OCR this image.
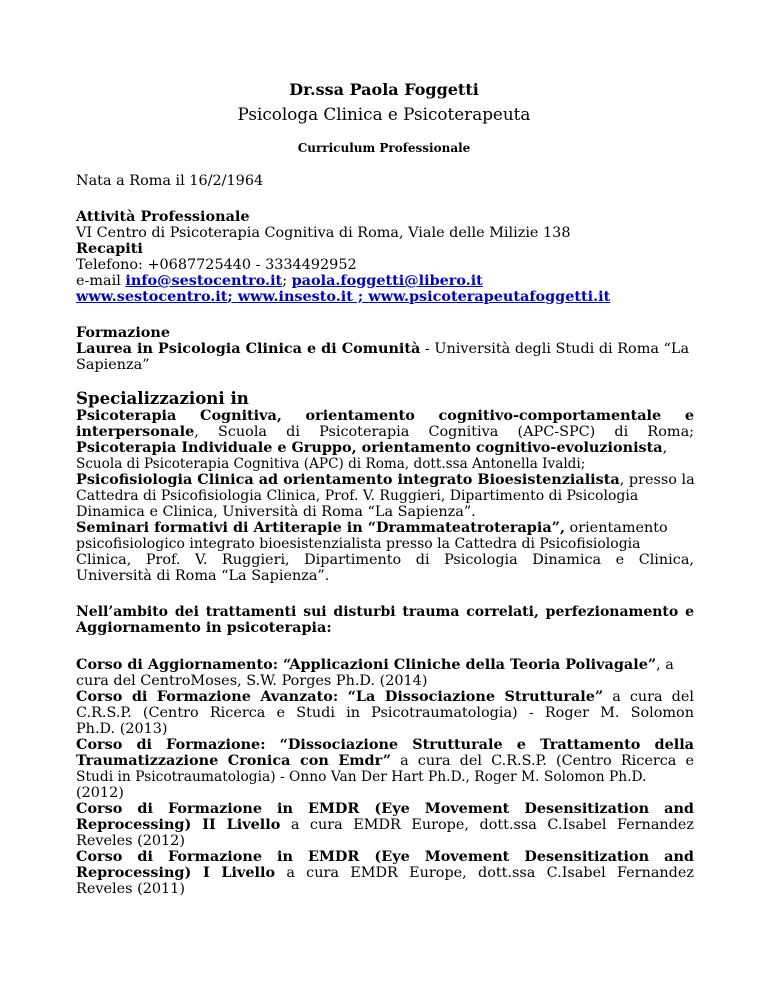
Dr.ssa Paola Foggetti
Psicologa Clinica e Psicoterapeuta
Curriculum Professionale
Nata a Roma il 16/2/1964
Attività Professionale
VI Centro di Psicoterapia Cognitiva di Roma, Viale delle Milizie 138
Recapiti
Telefono: +0687725440 - 3334492952
e-mail info@sestocentro.it; paola.foggetti@libero.it
www.sestocentro.it; www.insesto.it ; www.psicoterapeutafoggetti.it
Formazione
Laurea in Psicologia Clinica e di Comunità - Università degli Studi di Roma “La
Sapienza”
Specializzazioni in
Psicoterapia Cognitiva, orientamento cognitivo-comportamentale e
interpersonale, Scuola di Psicoterapia Cognitiva (APC-SPC) di Roma;
Psicoterapia Individuale e Gruppo, orientamento cognitivo-evoluzionista,
Scuola di Psicoterapia Cognitiva (APC) di Roma, dott.ssa Antonella Ivaldi;
Psicofisiologia Clinica ad orientamento integrato Bioesistenzialista, presso la
Cattedra di Psicofisiologia Clinica, Prof. V. Ruggieri, Dipartimento di Psicologia
Dinamica e Clinica, Università di Roma “La Sapienza”.
Seminari formativi di Artiterapie in “Drammateatroterapia”, orientamento
psicofisiologico integrato bioesistenzialista presso la Cattedra di Psicofisiologia
Clinica, Prof. V. Ruggieri, Dipartimento di Psicologia Dinamica e Clinica,
Università di Roma “La Sapienza”.
Nell’ambito dei trattamenti sui disturbi trauma correlati, perfezionamento e
Aggiornamento in psicoterapia:
Corso di Aggiornamento: “Applicazioni Cliniche della Teoria Polivagale”, a
cura del CentroMoses, S.W. Porges Ph.D. (2014)
Corso di Formazione Avanzato: “La Dissociazione Strutturale” a cura del
C.R.S.P. (Centro Ricerca e Studi in Psicotraumatologia) - Roger M. Solomon
Ph.D. (2013)
Corso di Formazione: “Dissociazione Strutturale e Trattamento della
Traumatizzazione Cronica con Emdr” a cura del C.R.S.P. (Centro Ricerca e
Studi in Psicotraumatologia) - Onno Van Der Hart Ph.D., Roger M. Solomon Ph.D.
(2012)
Corso di Formazione in EMDR (Eye Movement Desensitization and
Reprocessing) II Livello a cura EMDR Europe, dott.ssa C.Isabel Fernandez
Reveles (2012)
Corso di Formazione in EMDR (Eye Movement Desensitization and
Reprocessing) I Livello a cura EMDR Europe, dott.ssa C.Isabel Fernandez
Reveles (2011)
